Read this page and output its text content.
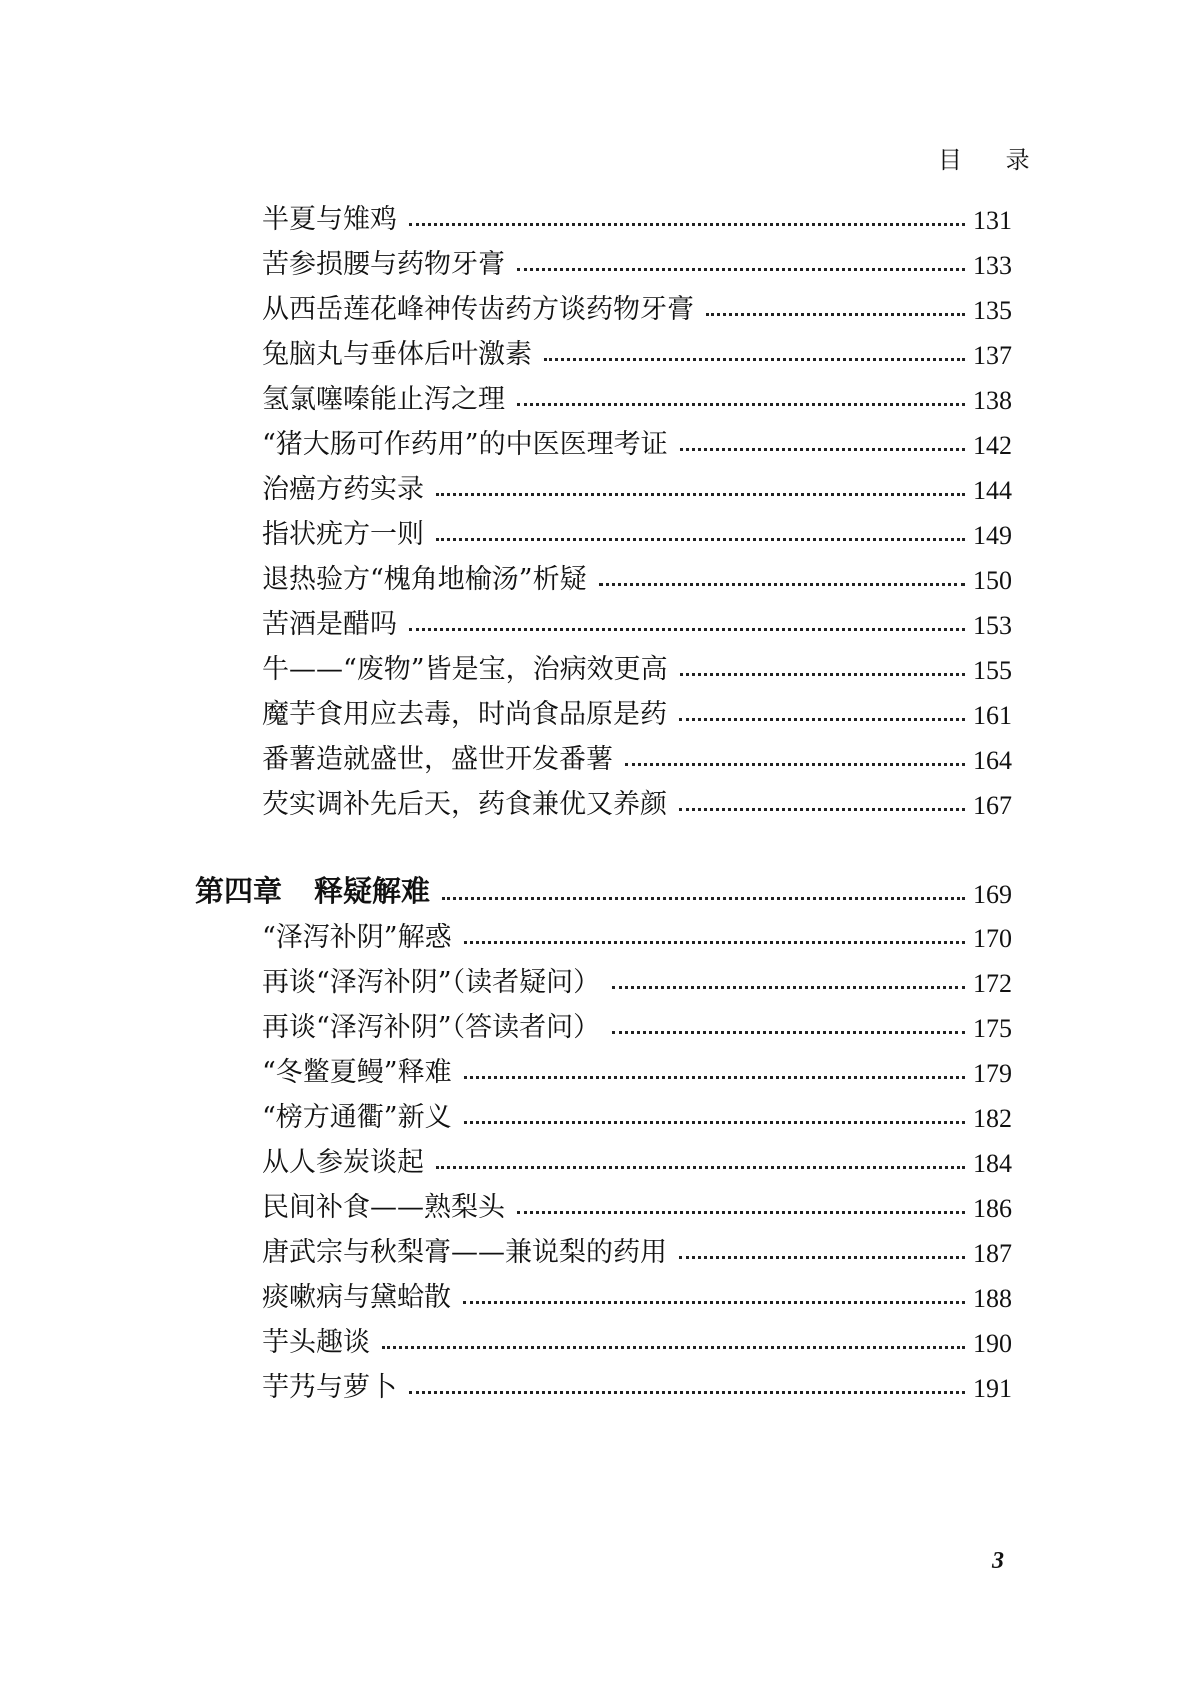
目 录
半夏与雉鸡	131
苦参损腰与药物牙膏	133
从西岳莲花峰神传齿药方谈药物牙膏	135
兔脑丸与垂体后叶激素	137
氢氯噻嗪能止泻之理	138
“猪大肠可作药用”的中医医理考证	142
治癌方药实录	144
指状疣方一则	149
退热验方“槐角地榆汤”析疑	150
苦酒是醋吗	153
牛——“废物”皆是宝，治病效更高	155
魔芋食用应去毒，时尚食品原是药	161
番薯造就盛世，盛世开发番薯	164
芡实调补先后天，药食兼优又养颜	167
第四章 释疑解难	169
“泽泻补阴”解惑	170
再谈“泽泻补阴”（读者疑问）	172
再谈“泽泻补阴”（答读者问）	175
“冬鳖夏鳗”释难	179
“榜方通衢”新义	182
从人参炭谈起	184
民间补食——熟梨头	186
唐武宗与秋梨膏——兼说梨的药用	187
痰嗽病与黛蛤散	188
芋头趣谈	190
芋艿与萝卜	191
3
